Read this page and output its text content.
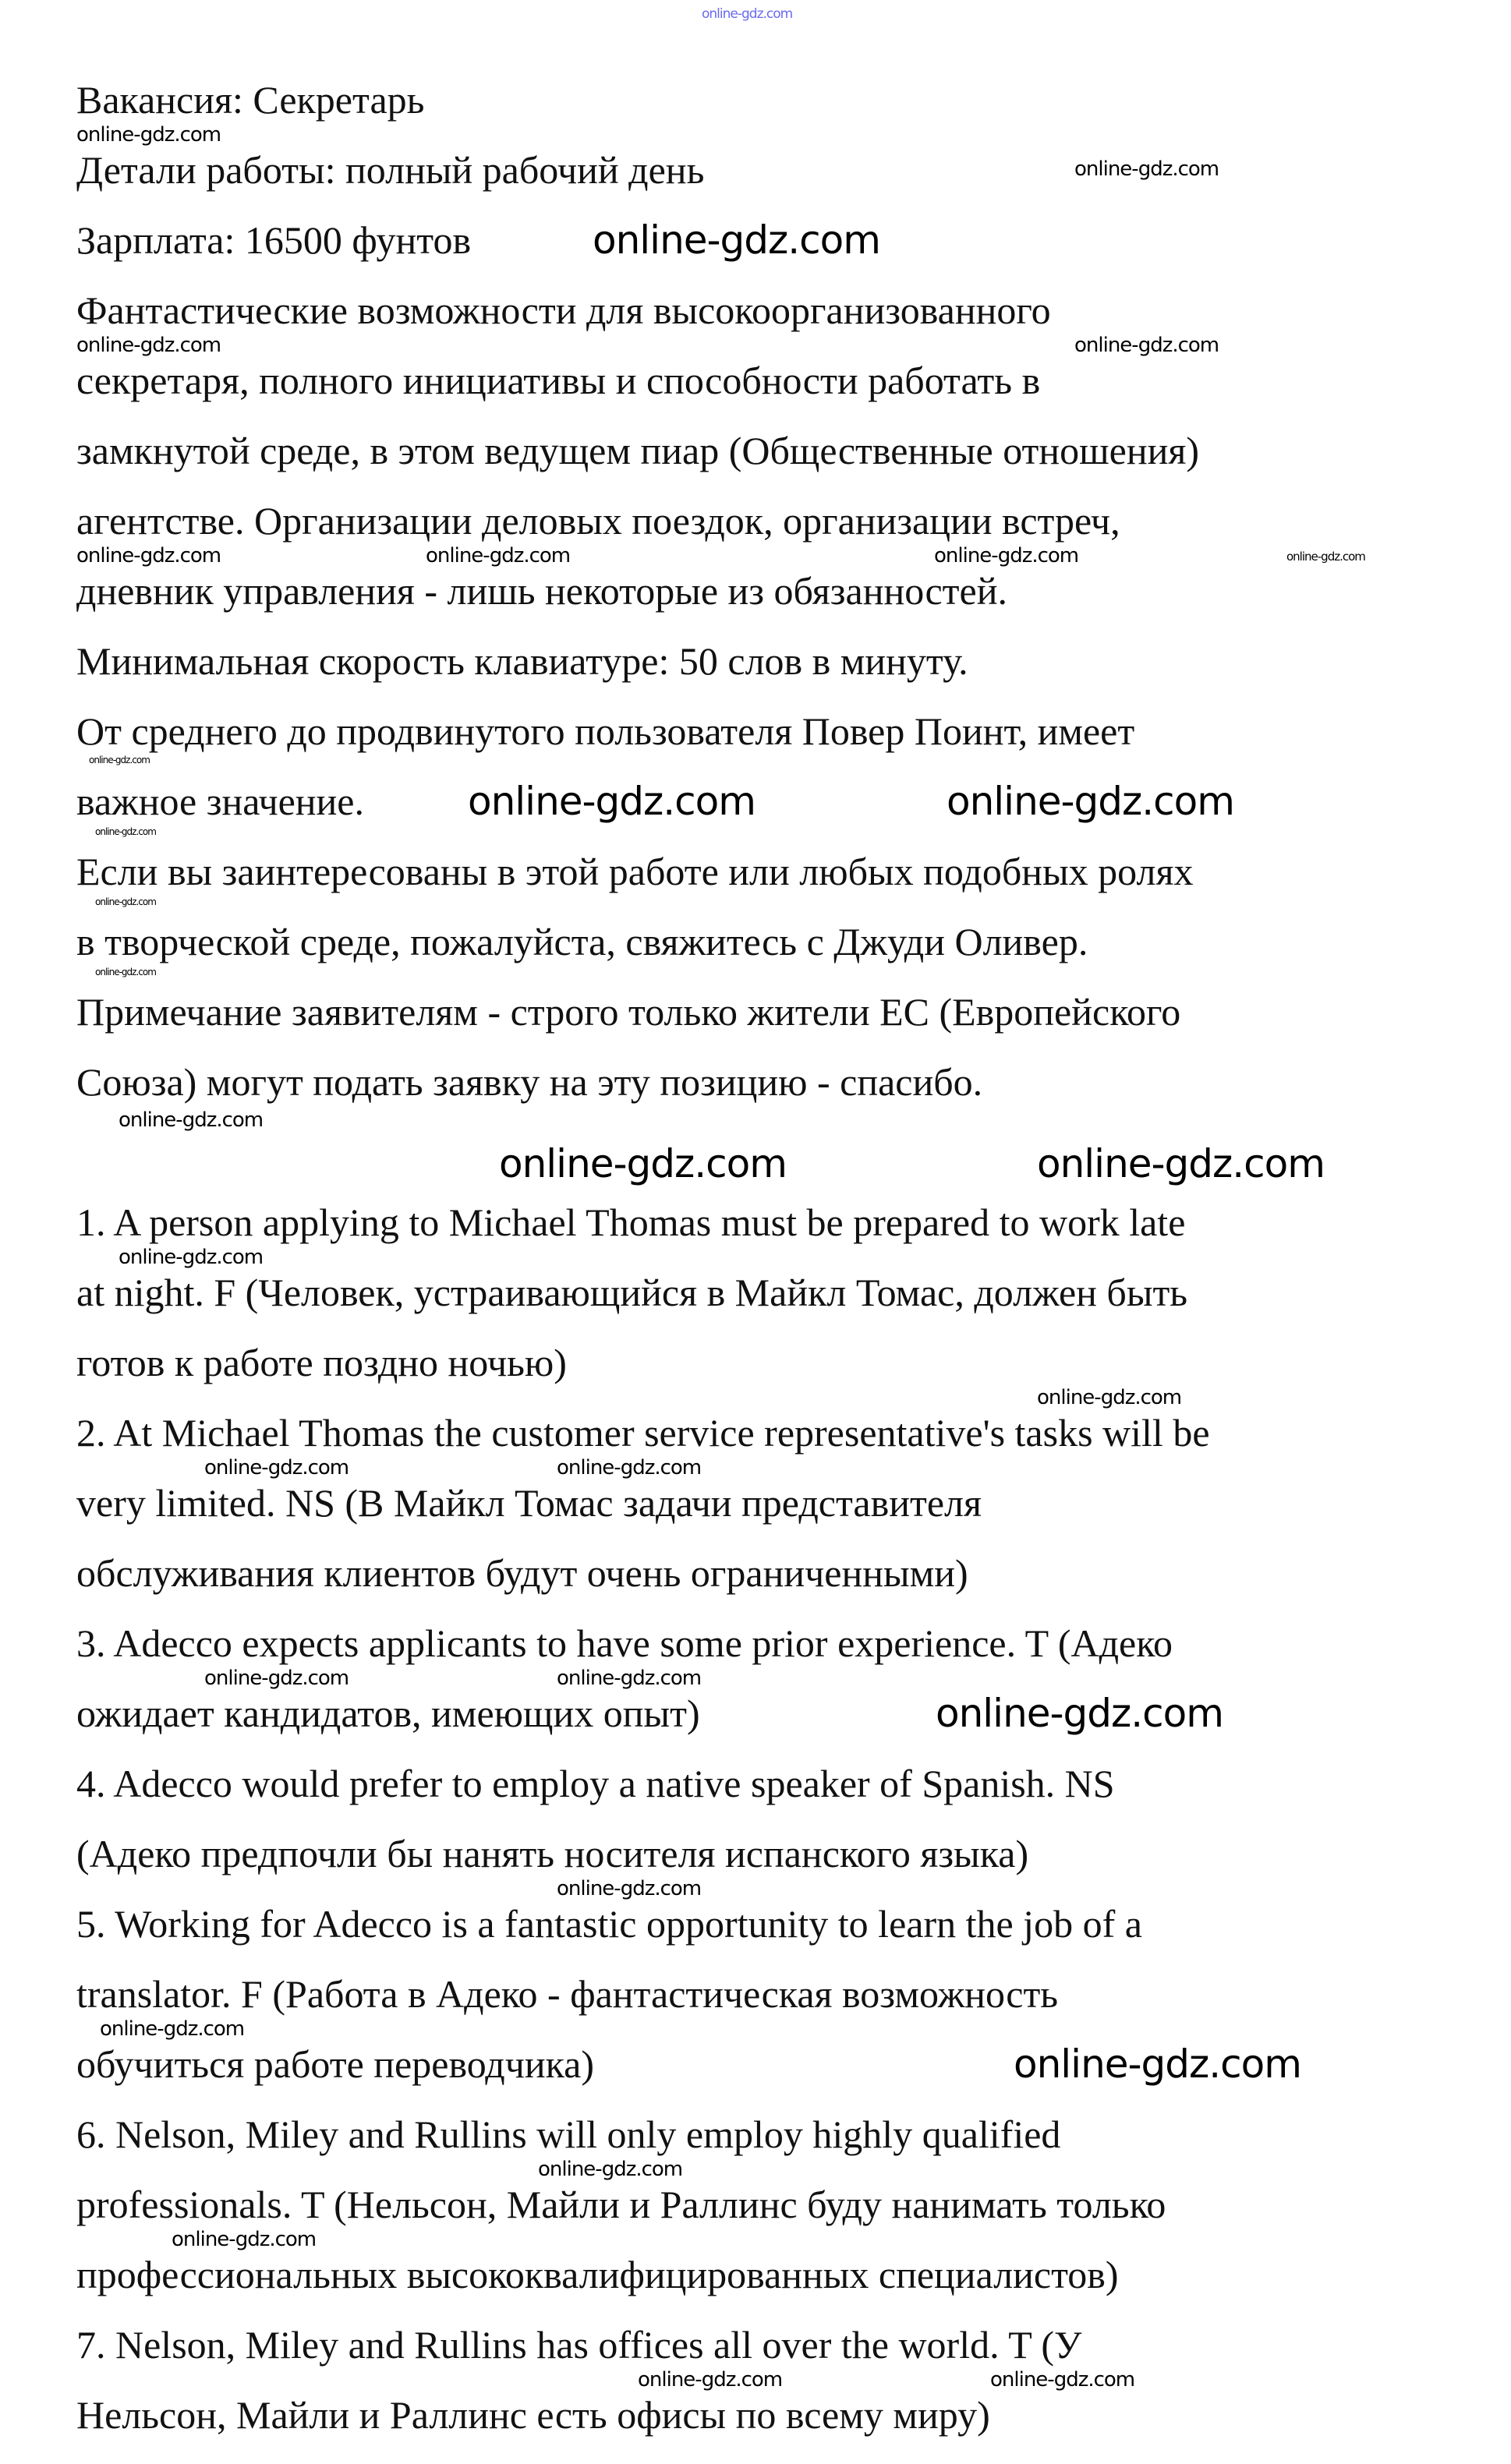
Вакансия: Секретарь
Детали работы: полный рабочий день
Зарплата: 16500 фунтов
Фантастические возможности для высокоорганизованного
секретаря, полного инициативы и способности работать в
замкнутой среде, в этом ведущем пиар (Общественные отношения)
агентстве. Организации деловых поездок, организации встреч,
дневник управления - лишь некоторые из обязанностей.
Минимальная скорость клавиатуре: 50 слов в минуту.
От среднего до продвинутого пользователя Повер Поинт, имеет
важное значение.
Если вы заинтересованы в этой работе или любых подобных ролях
в творческой среде, пожалуйста, свяжитесь с Джуди Оливер.
Примечание заявителям - строго только жители ЕС (Европейского
Союза) могут подать заявку на эту позицию - спасибо.
1. A person applying to Michael Thomas must be prepared to work late
at night. F (Человек, устраивающийся в Майкл Томас, должен быть
готов к работе поздно ночью)
2. At Michael Thomas the customer service representative's tasks will be
very limited. NS (В Майкл Томас задачи представителя
обслуживания клиентов будут очень ограниченными)
3. Adecco expects applicants to have some prior experience. T (Адеко
ожидает кандидатов, имеющих опыт)
4. Adecco would prefer to employ a native speaker of Spanish. NS
(Адеко предпочли бы нанять носителя испанского языка)
5. Working for Adecco is a fantastic opportunity to learn the job of a
translator. F (Работа в Адеко - фантастическая возможность
обучиться работе переводчика)
6. Nelson, Miley and Rullins will only employ highly qualified
professionals. T (Нельсон, Майли и Раллинс буду нанимать только
профессиональных высококвалифицированных специалистов)
7. Nelson, Miley and Rullins has offices all over the world. T (У
Нельсон, Майли и Раллинс есть офисы по всему миру)
online-gdz.com
online-gdz.com
online-gdz.com
online-gdz.com
online-gdz.com	online-gdz.com
online-gdz.com	online-gdz.com	online-gdz.com	online-gdz.com
online-gdz.com
online-gdz.com	online-gdz.com
online-gdz.com
online-gdz.com
online-gdz.com
online-gdz.com
online-gdz.com
online-gdz.com
online-gdz.com
online-gdz.com
online-gdz.com	online-gdz.com
online-gdz.com	online-gdz.com
online-gdz.com
online-gdz.com
online-gdz.com
online-gdz.com
online-gdz.com
online-gdz.com
online-gdz.com	online-gdz.com
